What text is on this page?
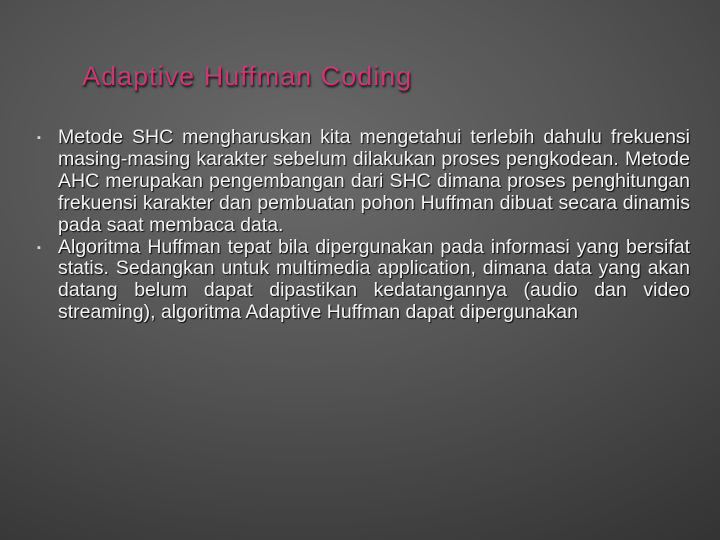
Adaptive Huffman Coding
▪ Metode SHC mengharuskan kita mengetahui terlebih dahulu frekuensi masing-masing karakter sebelum dilakukan proses pengkodean. Metode AHC merupakan pengembangan dari SHC dimana proses penghitungan frekuensi karakter dan pembuatan pohon Huffman dibuat secara dinamis pada saat membaca data.
▪ Algoritma Huffman tepat bila dipergunakan pada informasi yang bersifat statis. Sedangkan untuk multimedia application, dimana data yang akan datang belum dapat dipastikan kedatangannya (audio dan video streaming), algoritma Adaptive Huffman dapat dipergunakan
